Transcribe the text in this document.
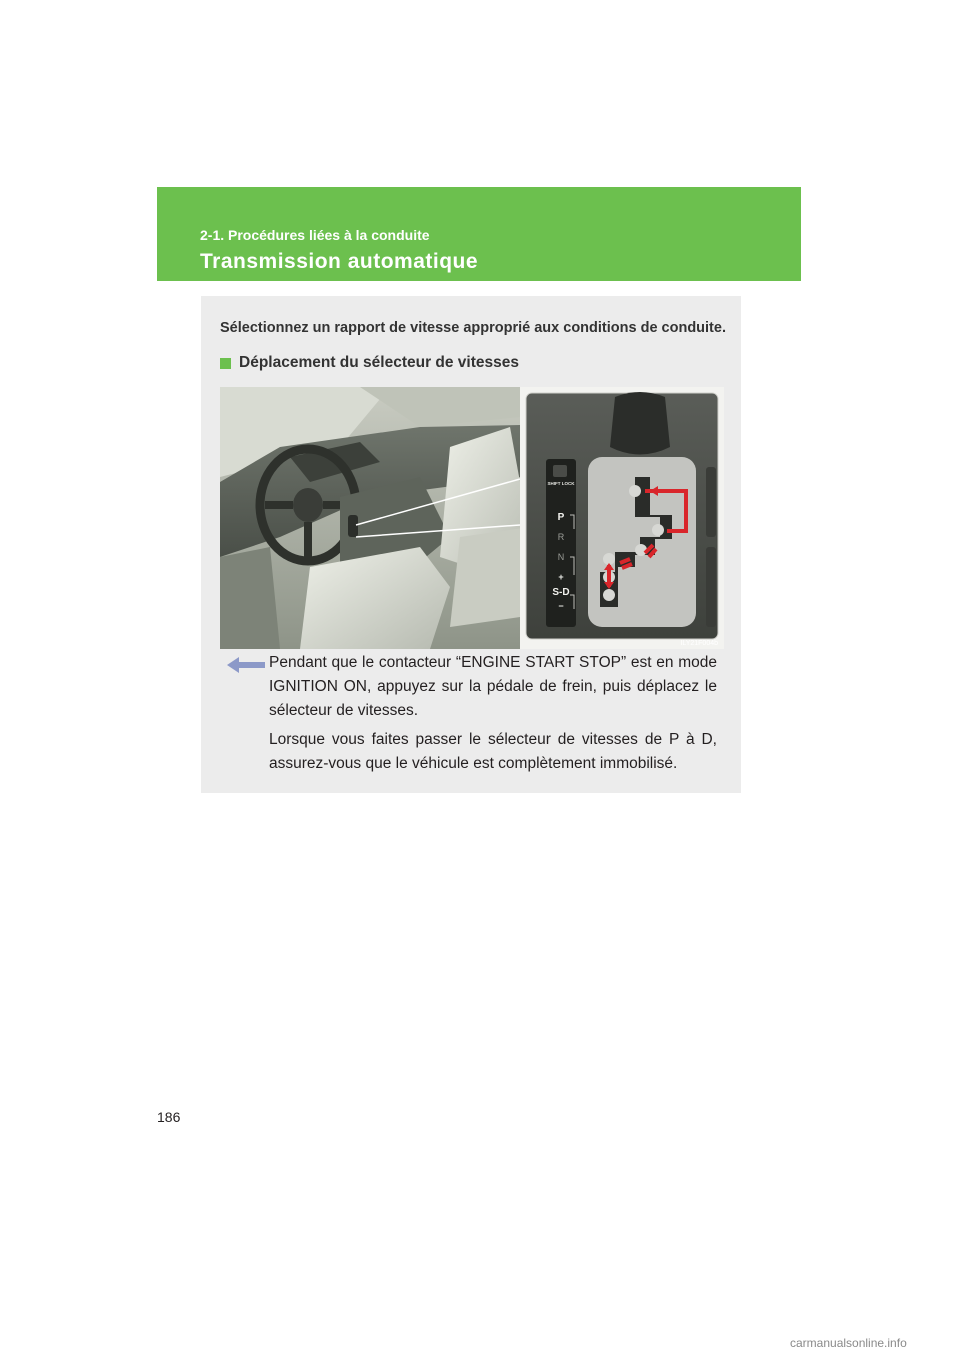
2-1. Procédures liées à la conduite
Transmission automatique
Sélectionnez un rapport de vitesse approprié aux conditions de conduite.
Déplacement du sélecteur de vitesses
SHIFT LOCK
P
R
N
+
S-D
−
ILY21F004b

Pendant que le contacteur “ENGINE START STOP” est en mode IGNITION ON, appuyez sur la pédale de frein, puis déplacez le sélecteur de vitesses.

Lorsque vous faites passer le sélecteur de vitesses de P à D, assurez-vous que le véhicule est complètement immobilisé.

186
carmanualsonline.info
